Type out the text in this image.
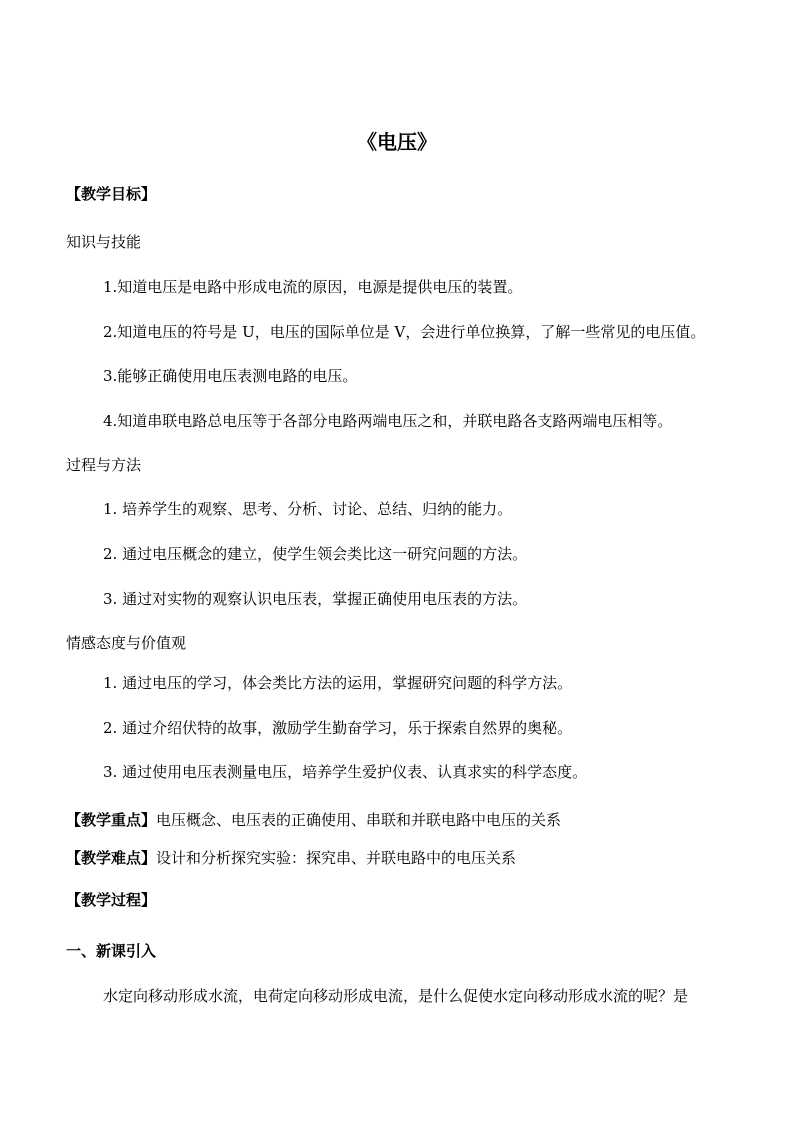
《电压》
【教学目标】
知识与技能
1.知道电压是电路中形成电流的原因，电源是提供电压的装置。
2.知道电压的符号是 U，电压的国际单位是 V，会进行单位换算，了解一些常见的电压值。
3.能够正确使用电压表测电路的电压。
4.知道串联电路总电压等于各部分电路两端电压之和，并联电路各支路两端电压相等。
过程与方法
1. 培养学生的观察、思考、分析、讨论、总结、归纳的能力。
2. 通过电压概念的建立，使学生领会类比这一研究问题的方法。
3. 通过对实物的观察认识电压表，掌握正确使用电压表的方法。
情感态度与价值观
1. 通过电压的学习，体会类比方法的运用，掌握研究问题的科学方法。
2. 通过介绍伏特的故事，激励学生勤奋学习，乐于探索自然界的奥秘。
3. 通过使用电压表测量电压，培养学生爱护仪表、认真求实的科学态度。
【教学重点】电压概念、电压表的正确使用、串联和并联电路中电压的关系
【教学难点】设计和分析探究实验：探究串、并联电路中的电压关系
【教学过程】
一、新课引入
水定向移动形成水流，电荷定向移动形成电流，是什么促使水定向移动形成水流的呢？是
